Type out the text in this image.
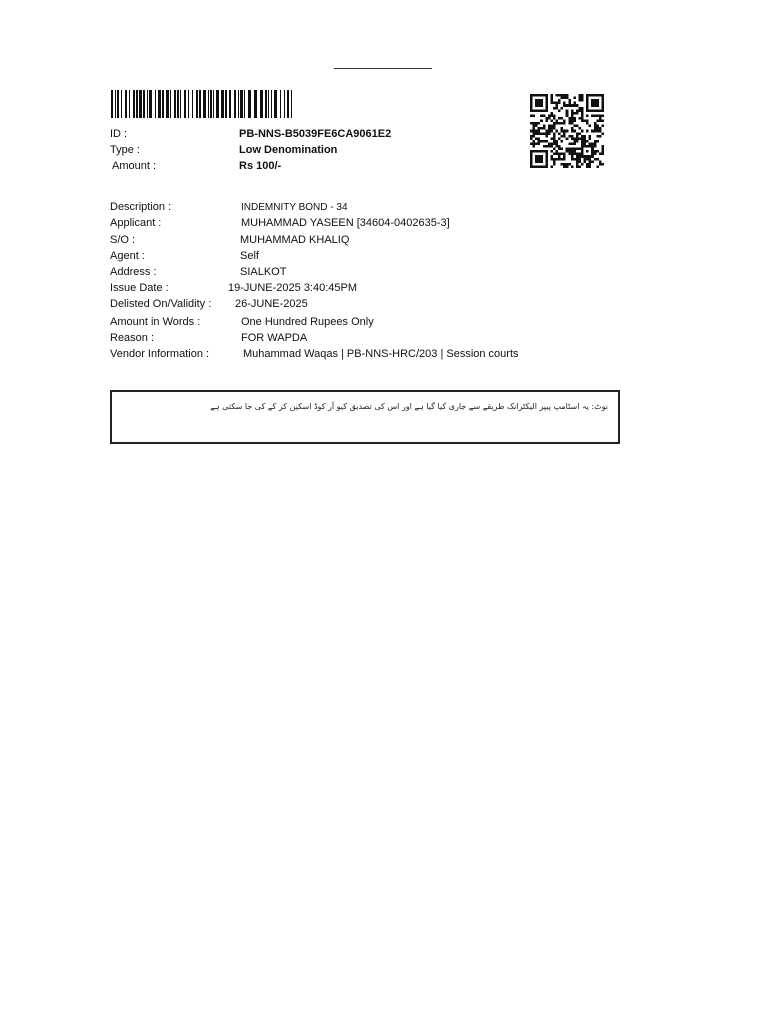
ID :	PB-NNS-B5039FE6CA9061E2
Type :	Low Denomination
Amount :	Rs 100/-
Description :	INDEMNITY BOND - 34
Applicant :	MUHAMMAD YASEEN [34604-0402635-3]
S/O :	MUHAMMAD KHALIQ
Agent :	Self
Address :	SIALKOT
Issue Date :	19-JUNE-2025 3:40:45PM
Delisted On/Validity : 26-JUNE-2025
Amount in Words :	One Hundred Rupees Only
Reason :	FOR WAPDA
Vendor Information :	Muhammad Waqas | PB-NNS-HRC/203 | Session courts
نوٹ: یہ اسٹامپ پیپر الیکٹرانک طریقے سے جاری کیا گیا ہے اور اس کی تصدیق کیو آر کوڈ اسکین کر کے کی جا سکتی ہے
